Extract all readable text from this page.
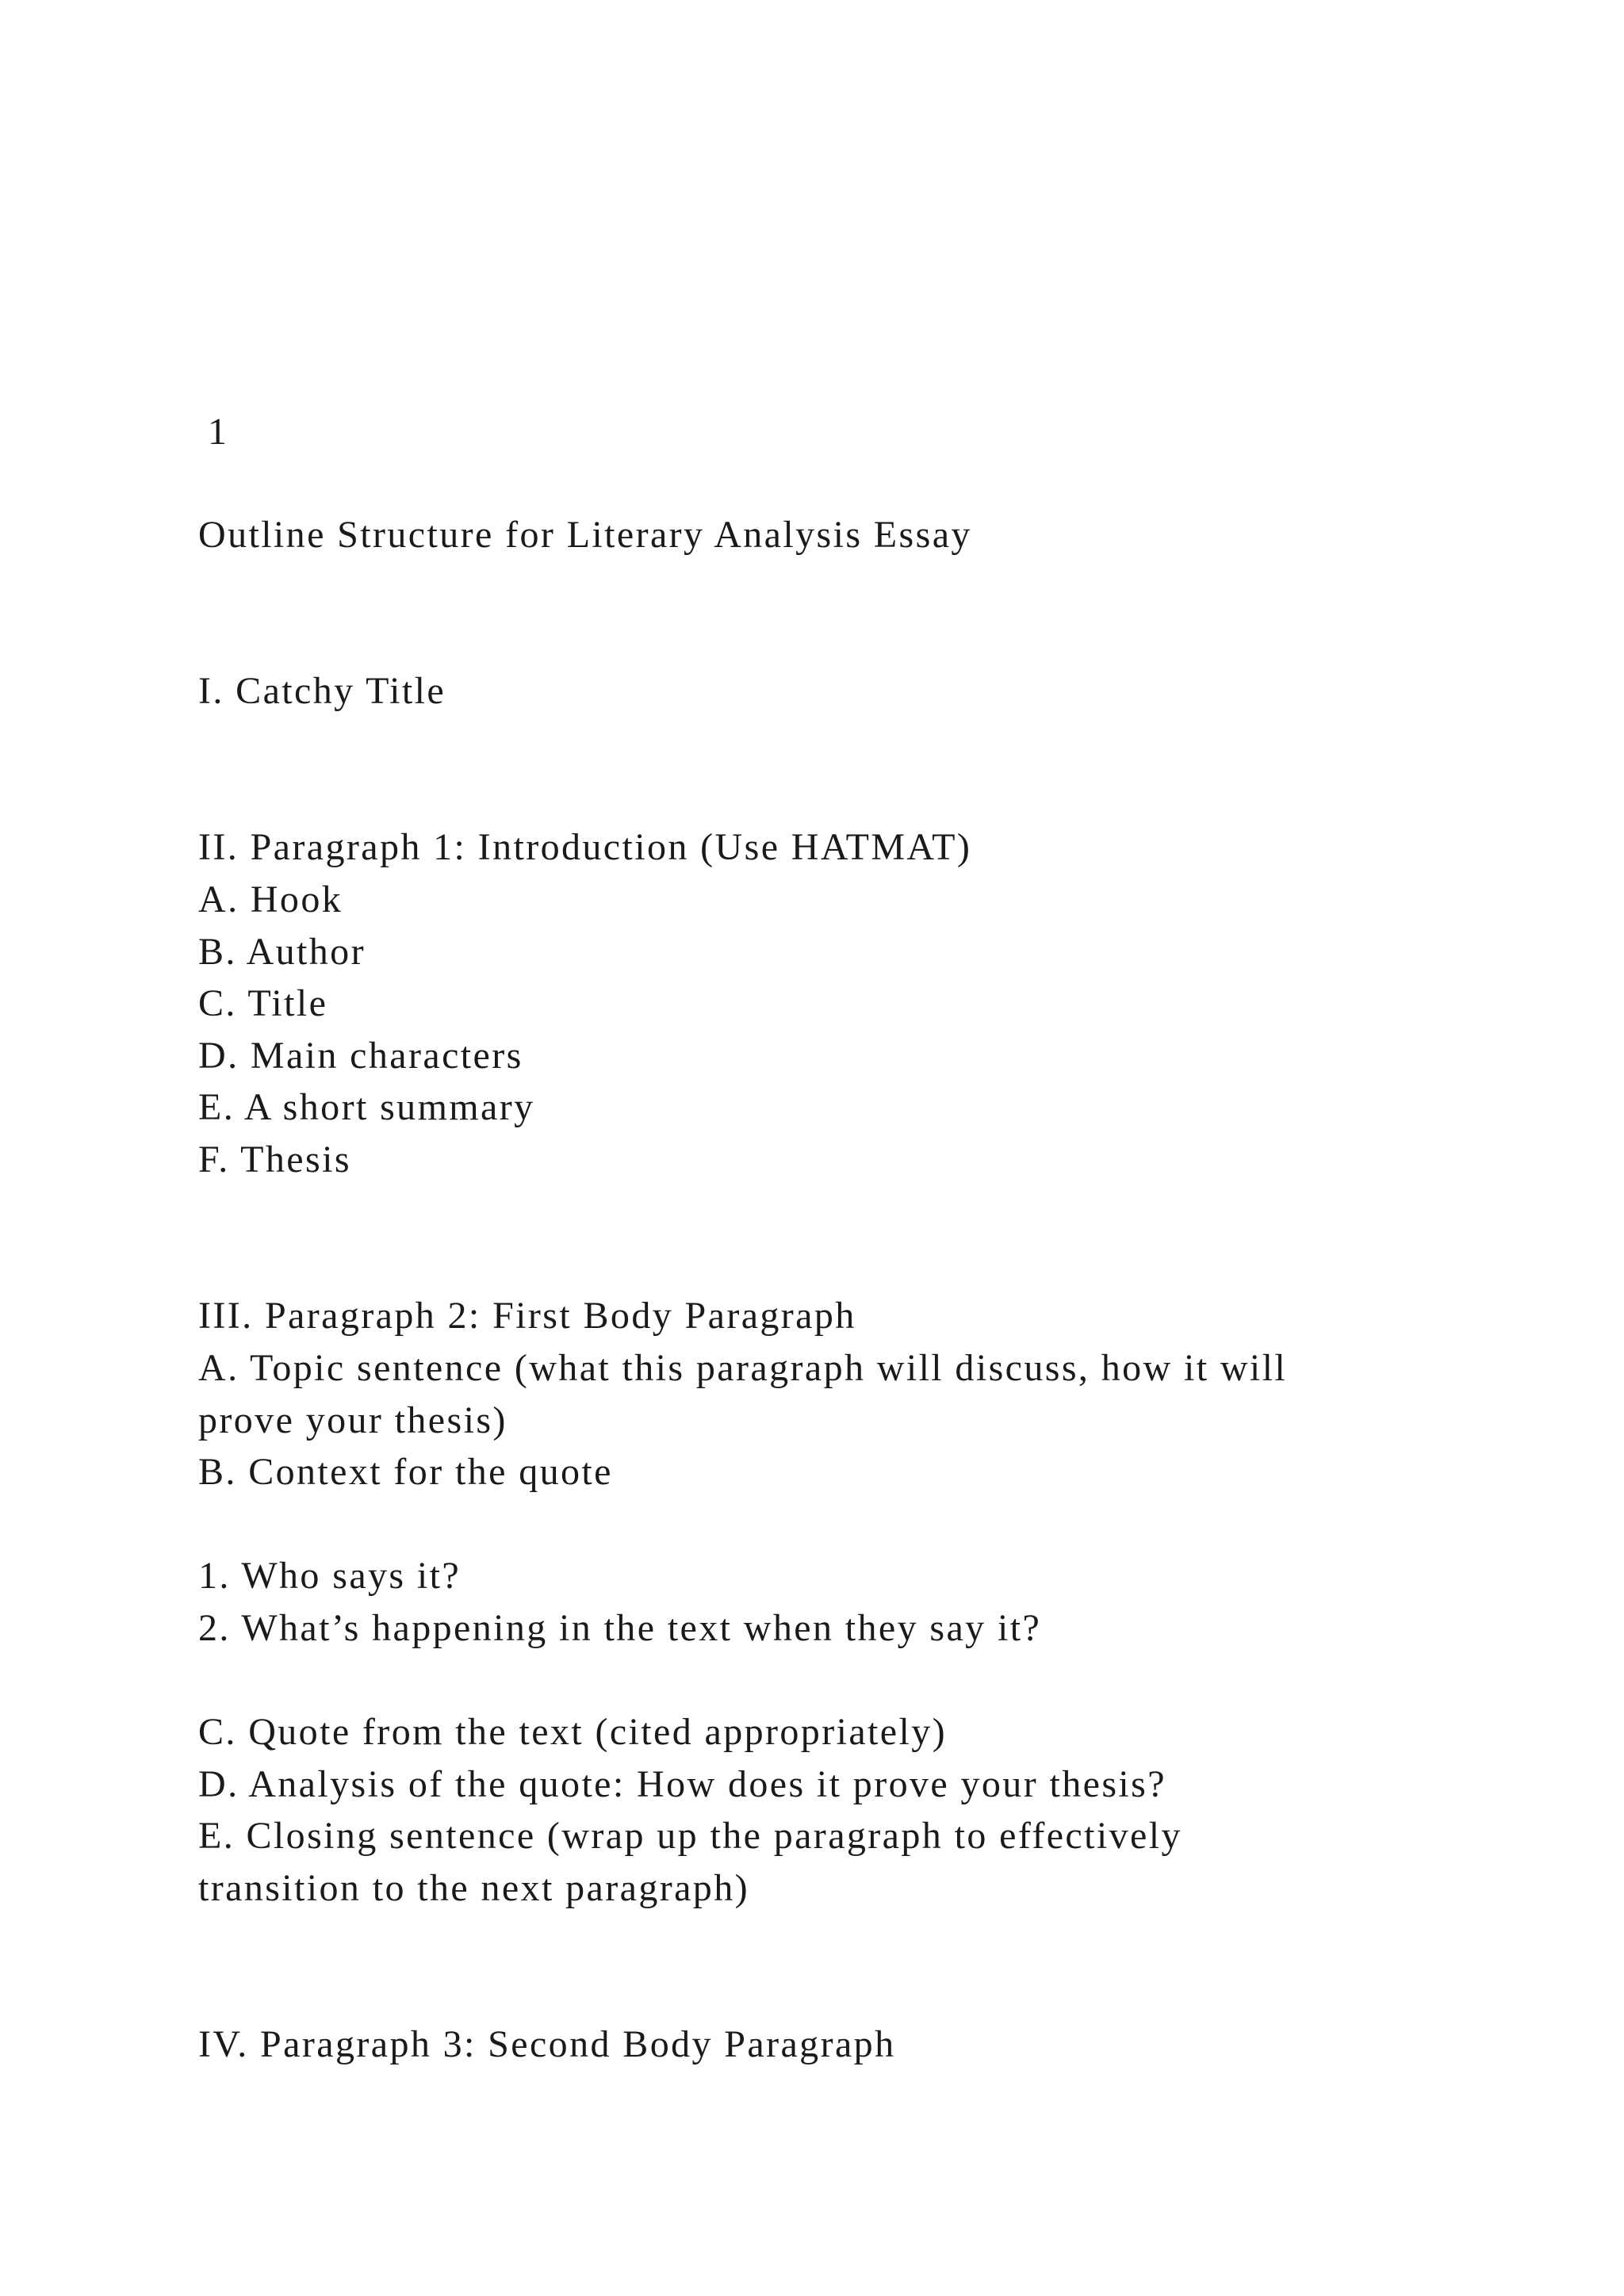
1
Outline Structure for Literary Analysis Essay
I. Catchy Title
II. Paragraph 1: Introduction (Use HATMAT)
A. Hook
B. Author
C. Title
D. Main characters
E. A short summary
F. Thesis
III. Paragraph 2: First Body Paragraph
A. Topic sentence (what this paragraph will discuss, how it will
prove your thesis)
B. Context for the quote
1. Who says it?
2. What’s happening in the text when they say it?
C. Quote from the text (cited appropriately)
D. Analysis of the quote: How does it prove your thesis?
E. Closing sentence (wrap up the paragraph to effectively
transition to the next paragraph)
IV. Paragraph 3: Second Body Paragraph
